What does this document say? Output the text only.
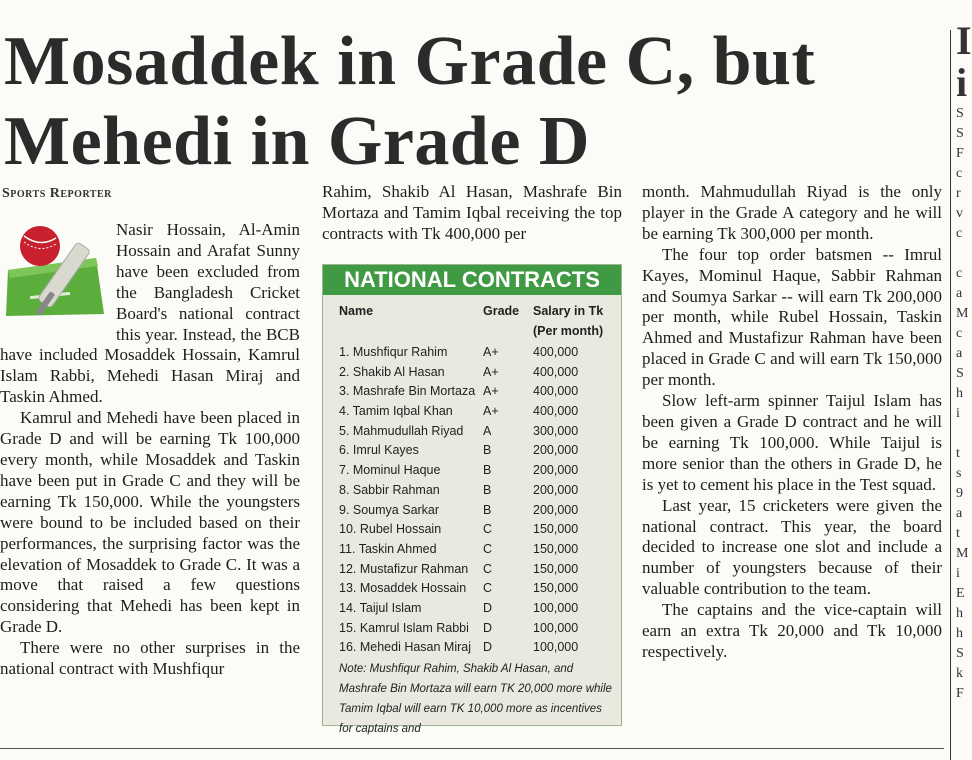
Mosaddek in Grade C, but Mehedi in Grade D
Sports Reporter

Nasir Hossain, Al-Amin Hossain and Arafat Sunny have been excluded from the Bangladesh Cricket Board's national contract this year. Instead, the BCB have included Mosaddek Hossain, Kamrul Islam Rabbi, Mehedi Hasan Miraj and Taskin Ahmed.

Kamrul and Mehedi have been placed in Grade D and will be earning Tk 100,000 every month, while Mosaddek and Taskin have been put in Grade C and they will be earning Tk 150,000. While the youngsters were bound to be included based on their performances, the surprising factor was the elevation of Mosaddek to Grade C. It was a move that raised a few questions considering that Mehedi has been kept in Grade D.

There were no other surprises in the national contract with Mushfiqur

Rahim, Shakib Al Hasan, Mashrafe Bin Mortaza and Tamim Iqbal receiving the top contracts with Tk 400,000 per

NATIONAL CONTRACTS
Name	Grade Salary in Tk
(Per month)
1. Mushfiqur Rahim	A+	400,000
2. Shakib Al Hasan	A+	400,000
3. Mashrafe Bin Mortaza A+	400,000
4. Tamim Iqbal Khan A+	400,000
5. Mahmudullah Riyad A	300,000
6. Imrul Kayes	B	200,000
7. Mominul Haque	B	200,000
8. Sabbir Rahman	B	200,000
9. Soumya Sarkar	B	200,000
10. Rubel Hossain	C	150,000
11. Taskin Ahmed	C	150,000
12. Mustafizur Rahman C	150,000
13. Mosaddek Hossain C	150,000
14. Taijul Islam	D	100,000
15. Kamrul Islam Rabbi D	100,000
16. Mehedi Hasan Miraj D	100,000
Note: Mushfiqur Rahim, Shakib Al Hasan, and Mashrafe Bin Mortaza will earn TK 20,000 more while Tamim Iqbal will earn TK 10,000 more as incentives for captains and

month. Mahmudullah Riyad is the only player in the Grade A category and he will be earning Tk 300,000 per month.

The four top order batsmen -- Imrul Kayes, Mominul Haque, Sabbir Rahman and Soumya Sarkar -- will earn Tk 200,000 per month, while Rubel Hossain, Taskin Ahmed and Mustafizur Rahman have been placed in Grade C and will earn Tk 150,000 per month.

Slow left-arm spinner Taijul Islam has been given a Grade D contract and he will be earning Tk 100,000. While Taijul is more senior than the others in Grade D, he is yet to cement his place in the Test squad.

Last year, 15 cricketers were given the national contract. This year, the board decided to increase one slot and include a number of youngsters because of their valuable contribution to the team.

The captains and the vice-captain will earn an extra Tk 20,000 and Tk 10,000 respectively.

I
i
S
S
F
c
r
v
c

c
a
M
c
a
S
h
i

t
s
9
a
t
M
i
E
h
h
S
k
F
